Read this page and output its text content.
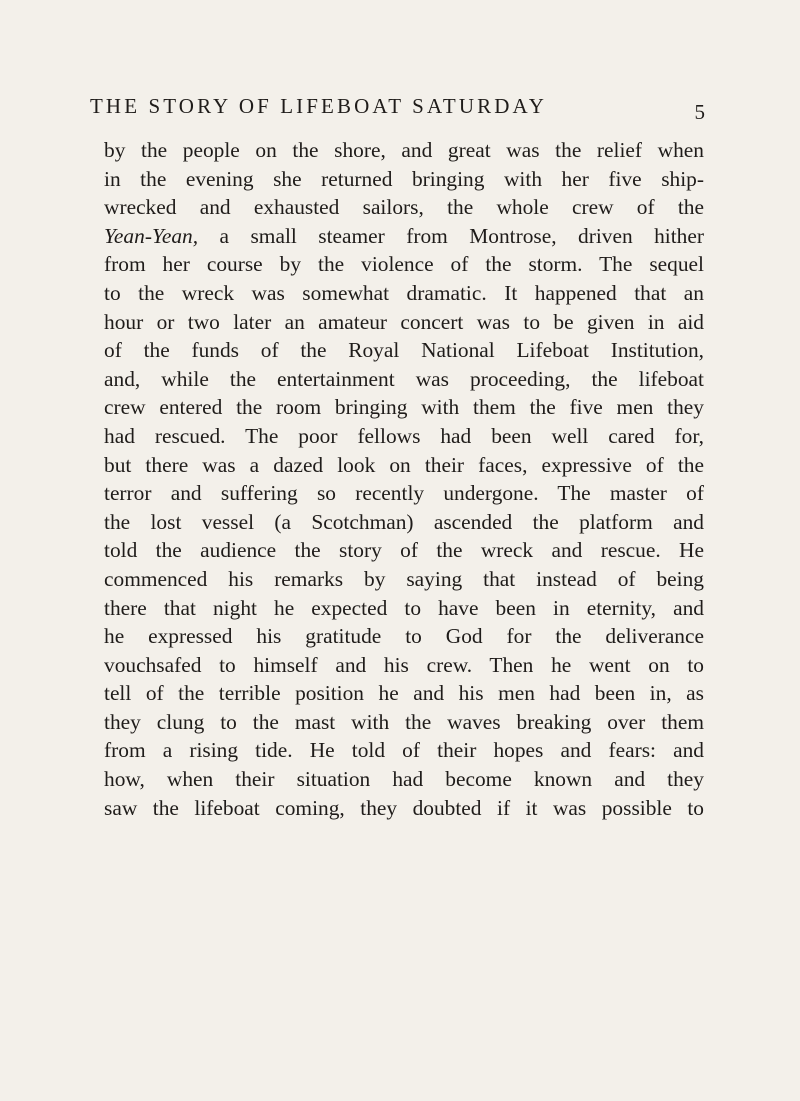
THE STORY OF LIFEBOAT SATURDAY	5
by the people on the shore, and great was the relief when
in the evening she returned bringing with her five ship-
wrecked and exhausted sailors, the whole crew of the
Yean-Yean, a small steamer from Montrose, driven hither
from her course by the violence of the storm. The sequel
to the wreck was somewhat dramatic. It happened that an
hour or two later an amateur concert was to be given in aid
of the funds of the Royal National Lifeboat Institution,
and, while the entertainment was proceeding, the lifeboat
crew entered the room bringing with them the five men they
had rescued. The poor fellows had been well cared for,
but there was a dazed look on their faces, expressive of the
terror and suffering so recently undergone. The master of
the lost vessel (a Scotchman) ascended the platform and
told the audience the story of the wreck and rescue. He
commenced his remarks by saying that instead of being
there that night he expected to have been in eternity, and
he expressed his gratitude to God for the deliverance
vouchsafed to himself and his crew. Then he went on to
tell of the terrible position he and his men had been in, as
they clung to the mast with the waves breaking over them
from a rising tide. He told of their hopes and fears: and
how, when their situation had become known and they
saw the lifeboat coming, they doubted if it was possible to
